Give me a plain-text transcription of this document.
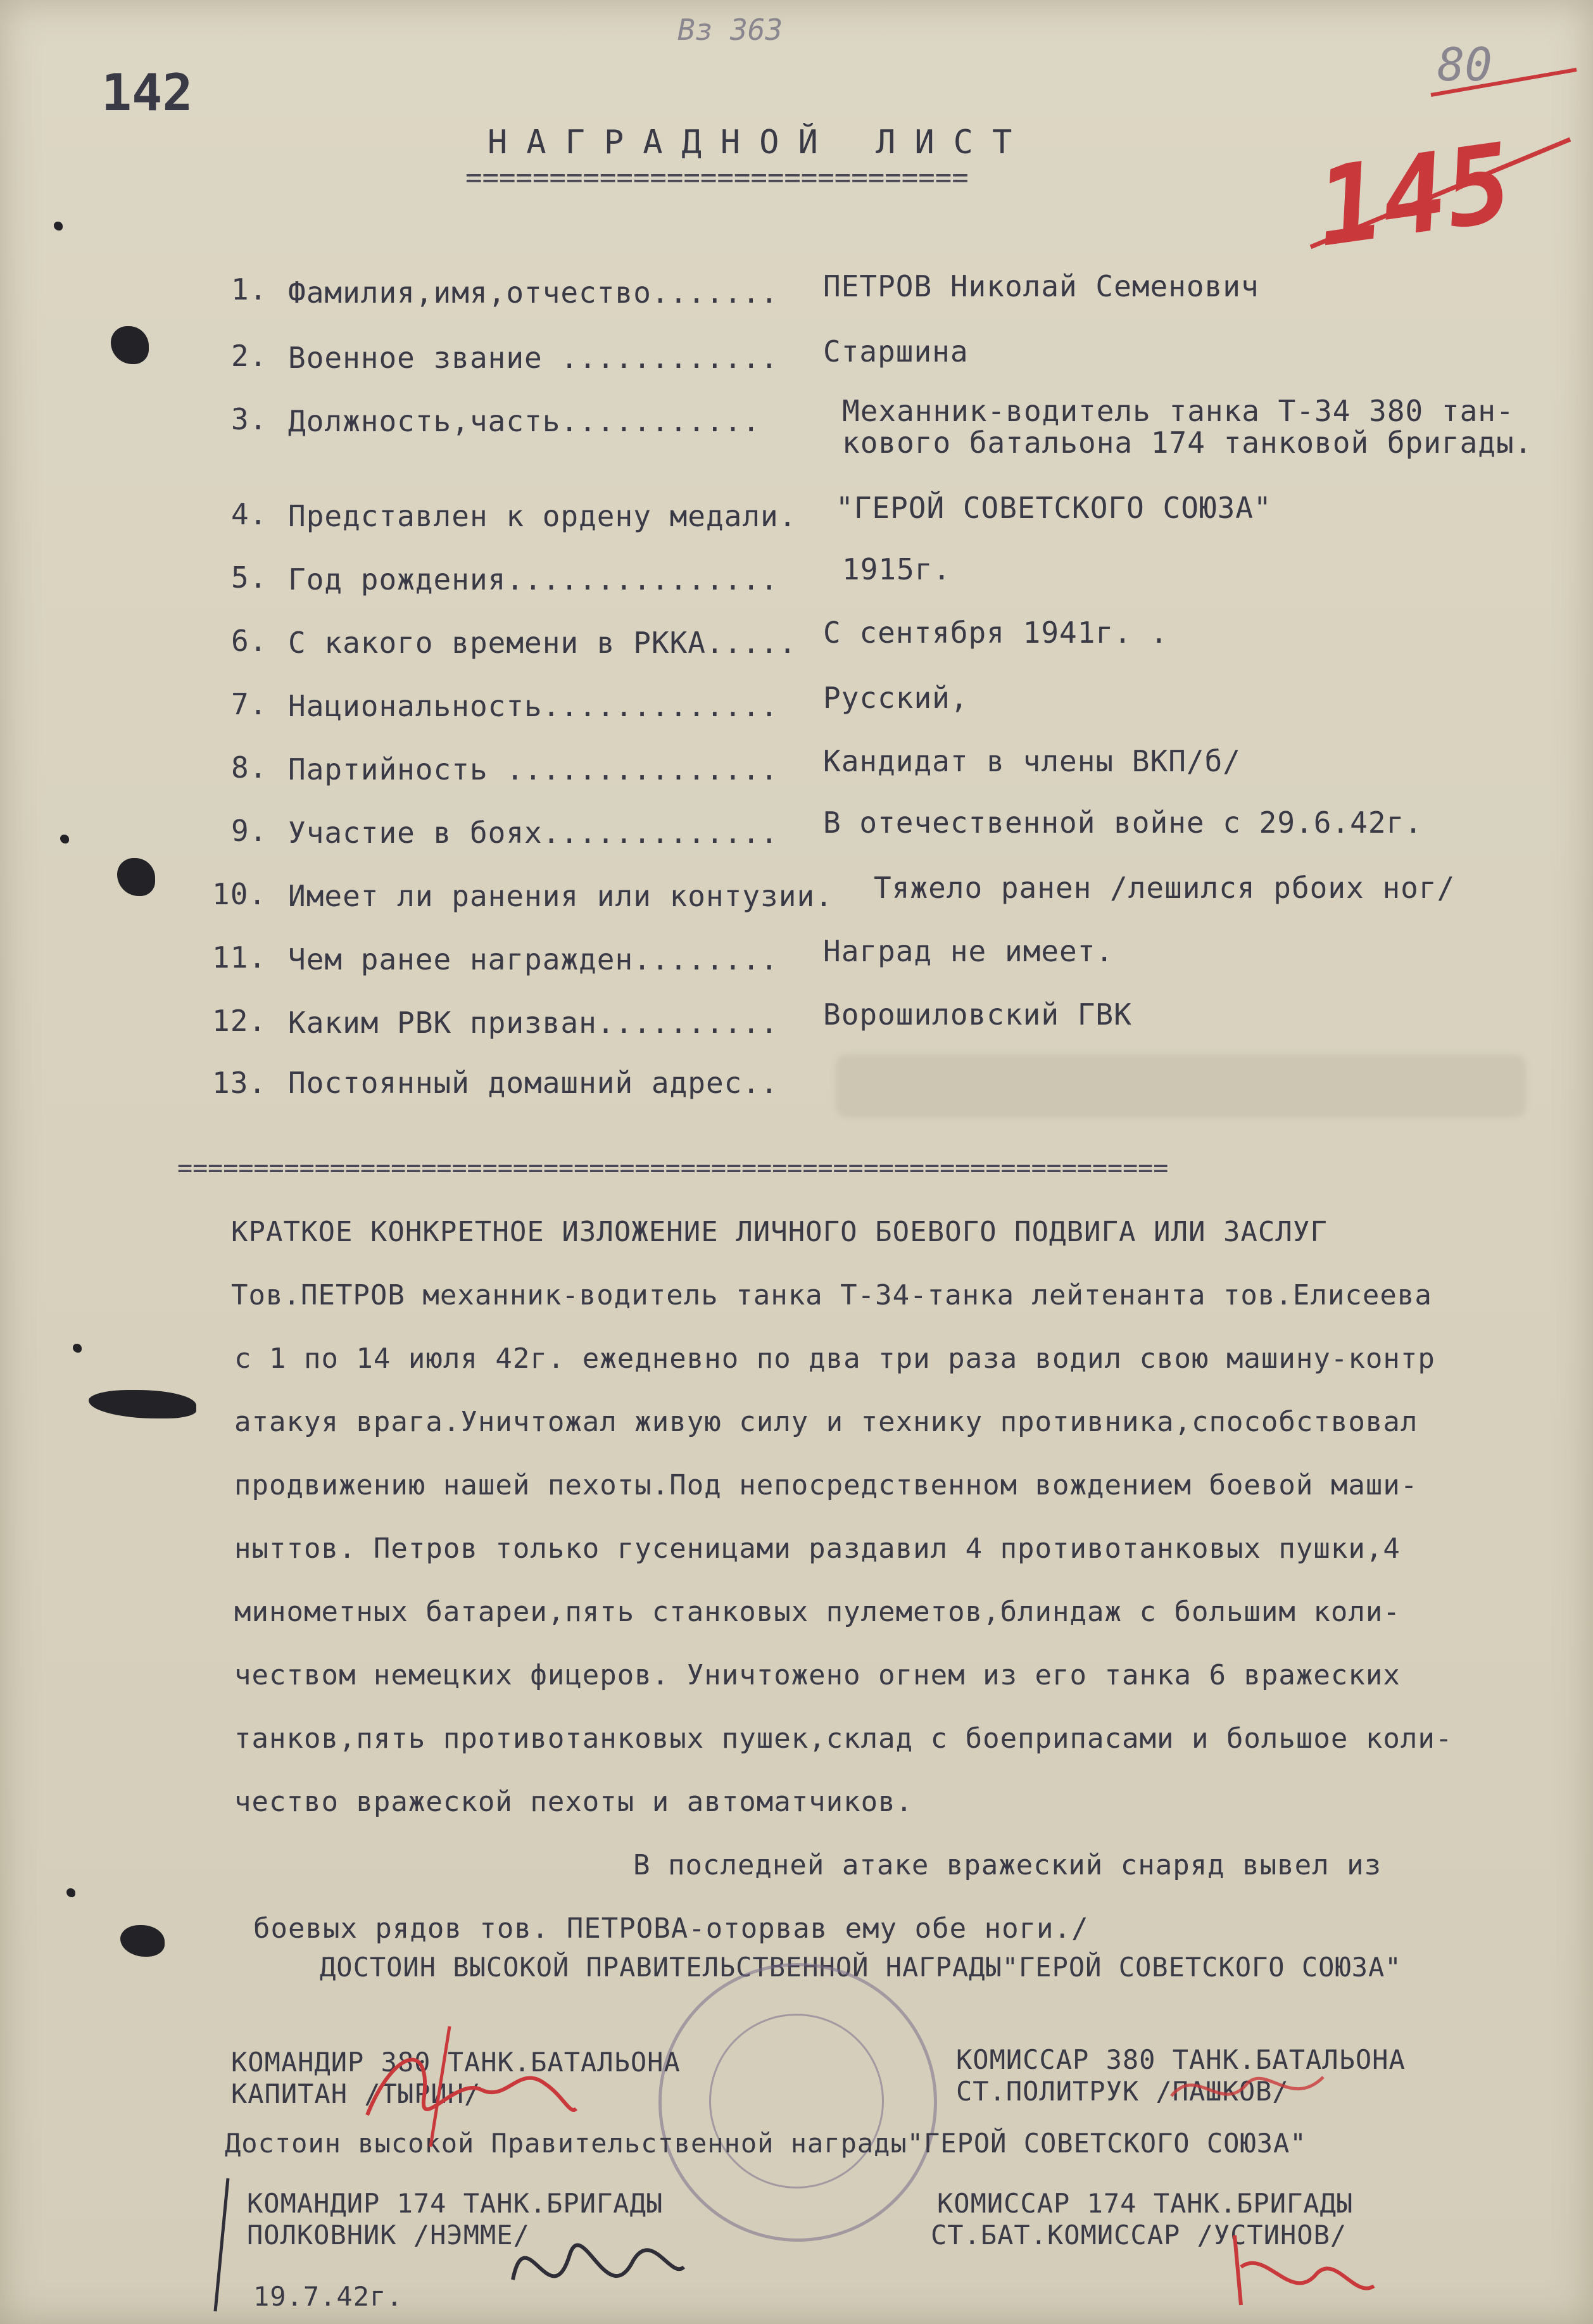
142
Вз 363
80
145
НАГРАДНОЙ ЛИСТ
==============================
1. Фамилия,имя,отчество....... ПЕТРОВ Николай Семенович
2. Военное звание ............ Старшина
3. Должность,часть...........	Механник-водитель танка Т-34 380 тан-
кового батальона 174 танковой бригады.
4. Представлен к ордену медали. "ГЕРОЙ СОВЕТСКОГО СОЮЗА"
5. Год рождения............... 1915г.
6. С какого времени в РККА..... С сентября 1941г. .
7. Национальность............. Русский,
8. Партийность ............... Кандидат в члены ВКП/б/
9. Участие в боях............. В отечественной войне с 29.6.42г.
10. Имеет ли ранения или контузии. Тяжело ранен /лешился рбоих ног/
11. Чем ранее награжден........ Наград не имеет.
12. Каким РВК призван.......... Ворошиловский ГВК
13. Постоянный домашний адрес..
=================================================================
КРАТКОЕ КОНКРЕТНОЕ ИЗЛОЖЕНИЕ ЛИЧНОГО БОЕВОГО ПОДВИГА ИЛИ ЗАСЛУГ
Тов.ПЕТРОВ механник-водитель танка Т-34-танка лейтенанта тов.Елисеева
с 1 по 14 июля 42г. ежедневно по два три раза водил свою машину-контр
атакуя врага.Уничтожал живую силу и технику противника,способствовал
продвижению нашей пехоты.Под непосредственном вождением боевой маши-
ныттов. Петров только гусеницами раздавил 4 противотанковых пушки,4
минометных батареи,пять станковых пулеметов,блиндаж с большим коли-
чеством немецких фицеров. Уничтожено огнем из его танка 6 вражеских
танков,пять противотанковых пушек,склад с боеприпасами и большое коли-
чество вражеской пехоты и автоматчиков.
В последней атаке вражеский снаряд вывел из
боевых рядов тов. ПЕТРОВА-оторвав ему обе ноги./
ДОСТОИН ВЫСОКОЙ ПРАВИТЕЛЬСТВЕННОЙ НАГРАДЫ"ГЕРОЙ СОВЕТСКОГО СОЮЗА"
КОМАНДИР 380 ТАНК.БАТАЛЬОНА
КАПИТАН /ТЫРИН/
КОМИССАР 380 ТАНК.БАТАЛЬОНА
СТ.ПОЛИТРУК /ПАШКОВ/
Достоин высокой Правительственной награды"ГЕРОЙ СОВЕТСКОГО СОЮЗА"
КОМАНДИР 174 ТАНК.БРИГАДЫ
ПОЛКОВНИК /НЭММЕ/
КОМИССАР 174 ТАНК.БРИГАДЫ
СТ.БАТ.КОМИССАР /УСТИНОВ/
19.7.42г.
